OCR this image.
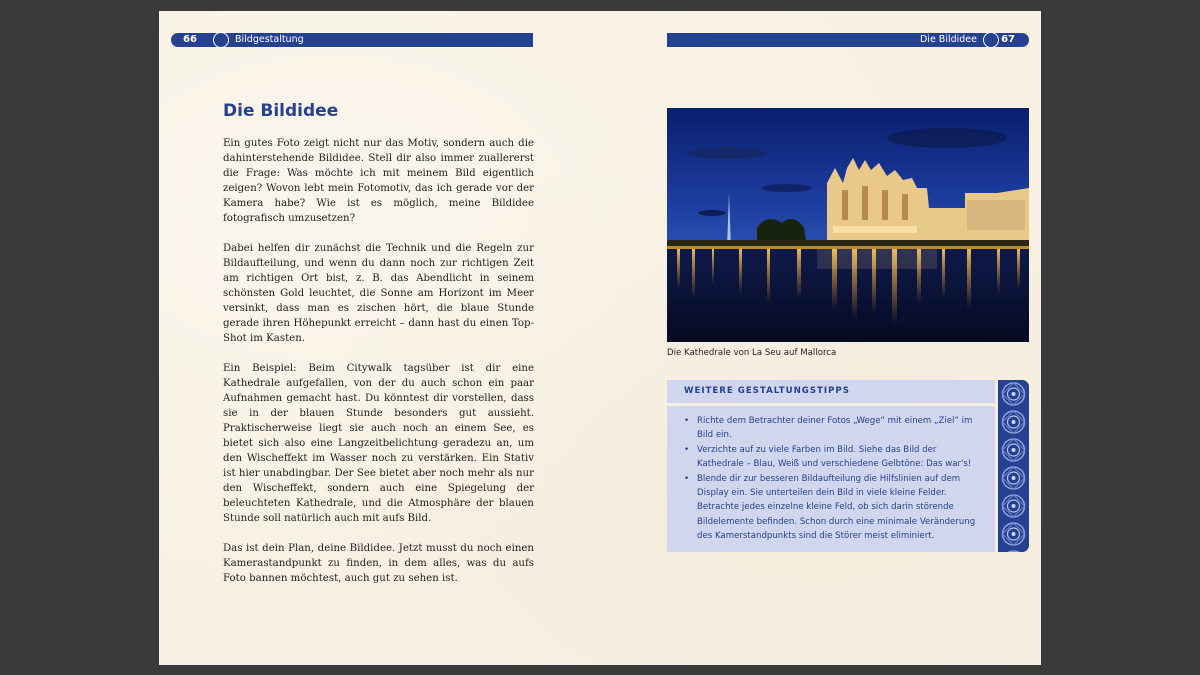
66	Bildgestaltung	Die Bildidee 67
Die Bildidee

Ein gutes Foto zeigt nicht nur das Motiv, sondern auch die dahinterstehende Bildidee. Stell dir also immer zuallererst die Frage: Was möchte ich mit meinem Bild eigentlich zeigen? Wovon lebt mein Fotomotiv, das ich gerade vor der Kamera habe? Wie ist es möglich, meine Bildidee fotografisch umzusetzen?

Dabei helfen dir zunächst die Technik und die Regeln zur Bildaufteilung, und wenn du dann noch zur richtigen Zeit am richtigen Ort bist, z. B. das Abendlicht in seinem schönsten Gold leuchtet, die Sonne am Horizont im Meer versinkt, dass man es zischen hört, die blaue Stunde gerade ihren Höhepunkt erreicht – dann hast du einen Top-Shot im Kasten.

Ein Beispiel: Beim Citywalk tagsüber ist dir eine Kathedrale aufgefallen, von der du auch schon ein paar Aufnahmen gemacht hast. Du könntest dir vorstellen, dass sie in der blauen Stunde besonders gut aussieht. Praktischerweise liegt sie auch noch an einem See, es bietet sich also eine Langzeitbelichtung geradezu an, um den Wischeffekt im Wasser noch zu verstärken. Ein Stativ ist hier unabdingbar. Der See bietet aber noch mehr als nur den Wischeffekt, sondern auch eine Spiegelung der beleuchteten Kathedrale, und die Atmosphäre der blauen Stunde soll natürlich auch mit aufs Bild.

Das ist dein Plan, deine Bildidee. Jetzt musst du noch einen Kamerastandpunkt zu finden, in dem alles, was du aufs Foto bannen möchtest, auch gut zu sehen ist.

Die Kathedrale von La Seu auf Mallorca
WEITERE GESTALTUNGSTIPPS
• Richte dem Betrachter deiner Fotos „Wege“ mit einem „Ziel“ im Bild ein.
• Verzichte auf zu viele Farben im Bild. Siehe das Bild der Kathedrale – Blau, Weiß und verschiedene Gelbtöne: Das war's!
• Blende dir zur besseren Bildaufteilung die Hilfslinien auf dem Display ein. Sie unterteilen dein Bild in viele kleine Felder. Betrachte jedes einzelne kleine Feld, ob sich darin störende Bildelemente befinden. Schon durch eine minimale Veränderung des Kamerstandpunkts sind die Störer meist eliminiert.
